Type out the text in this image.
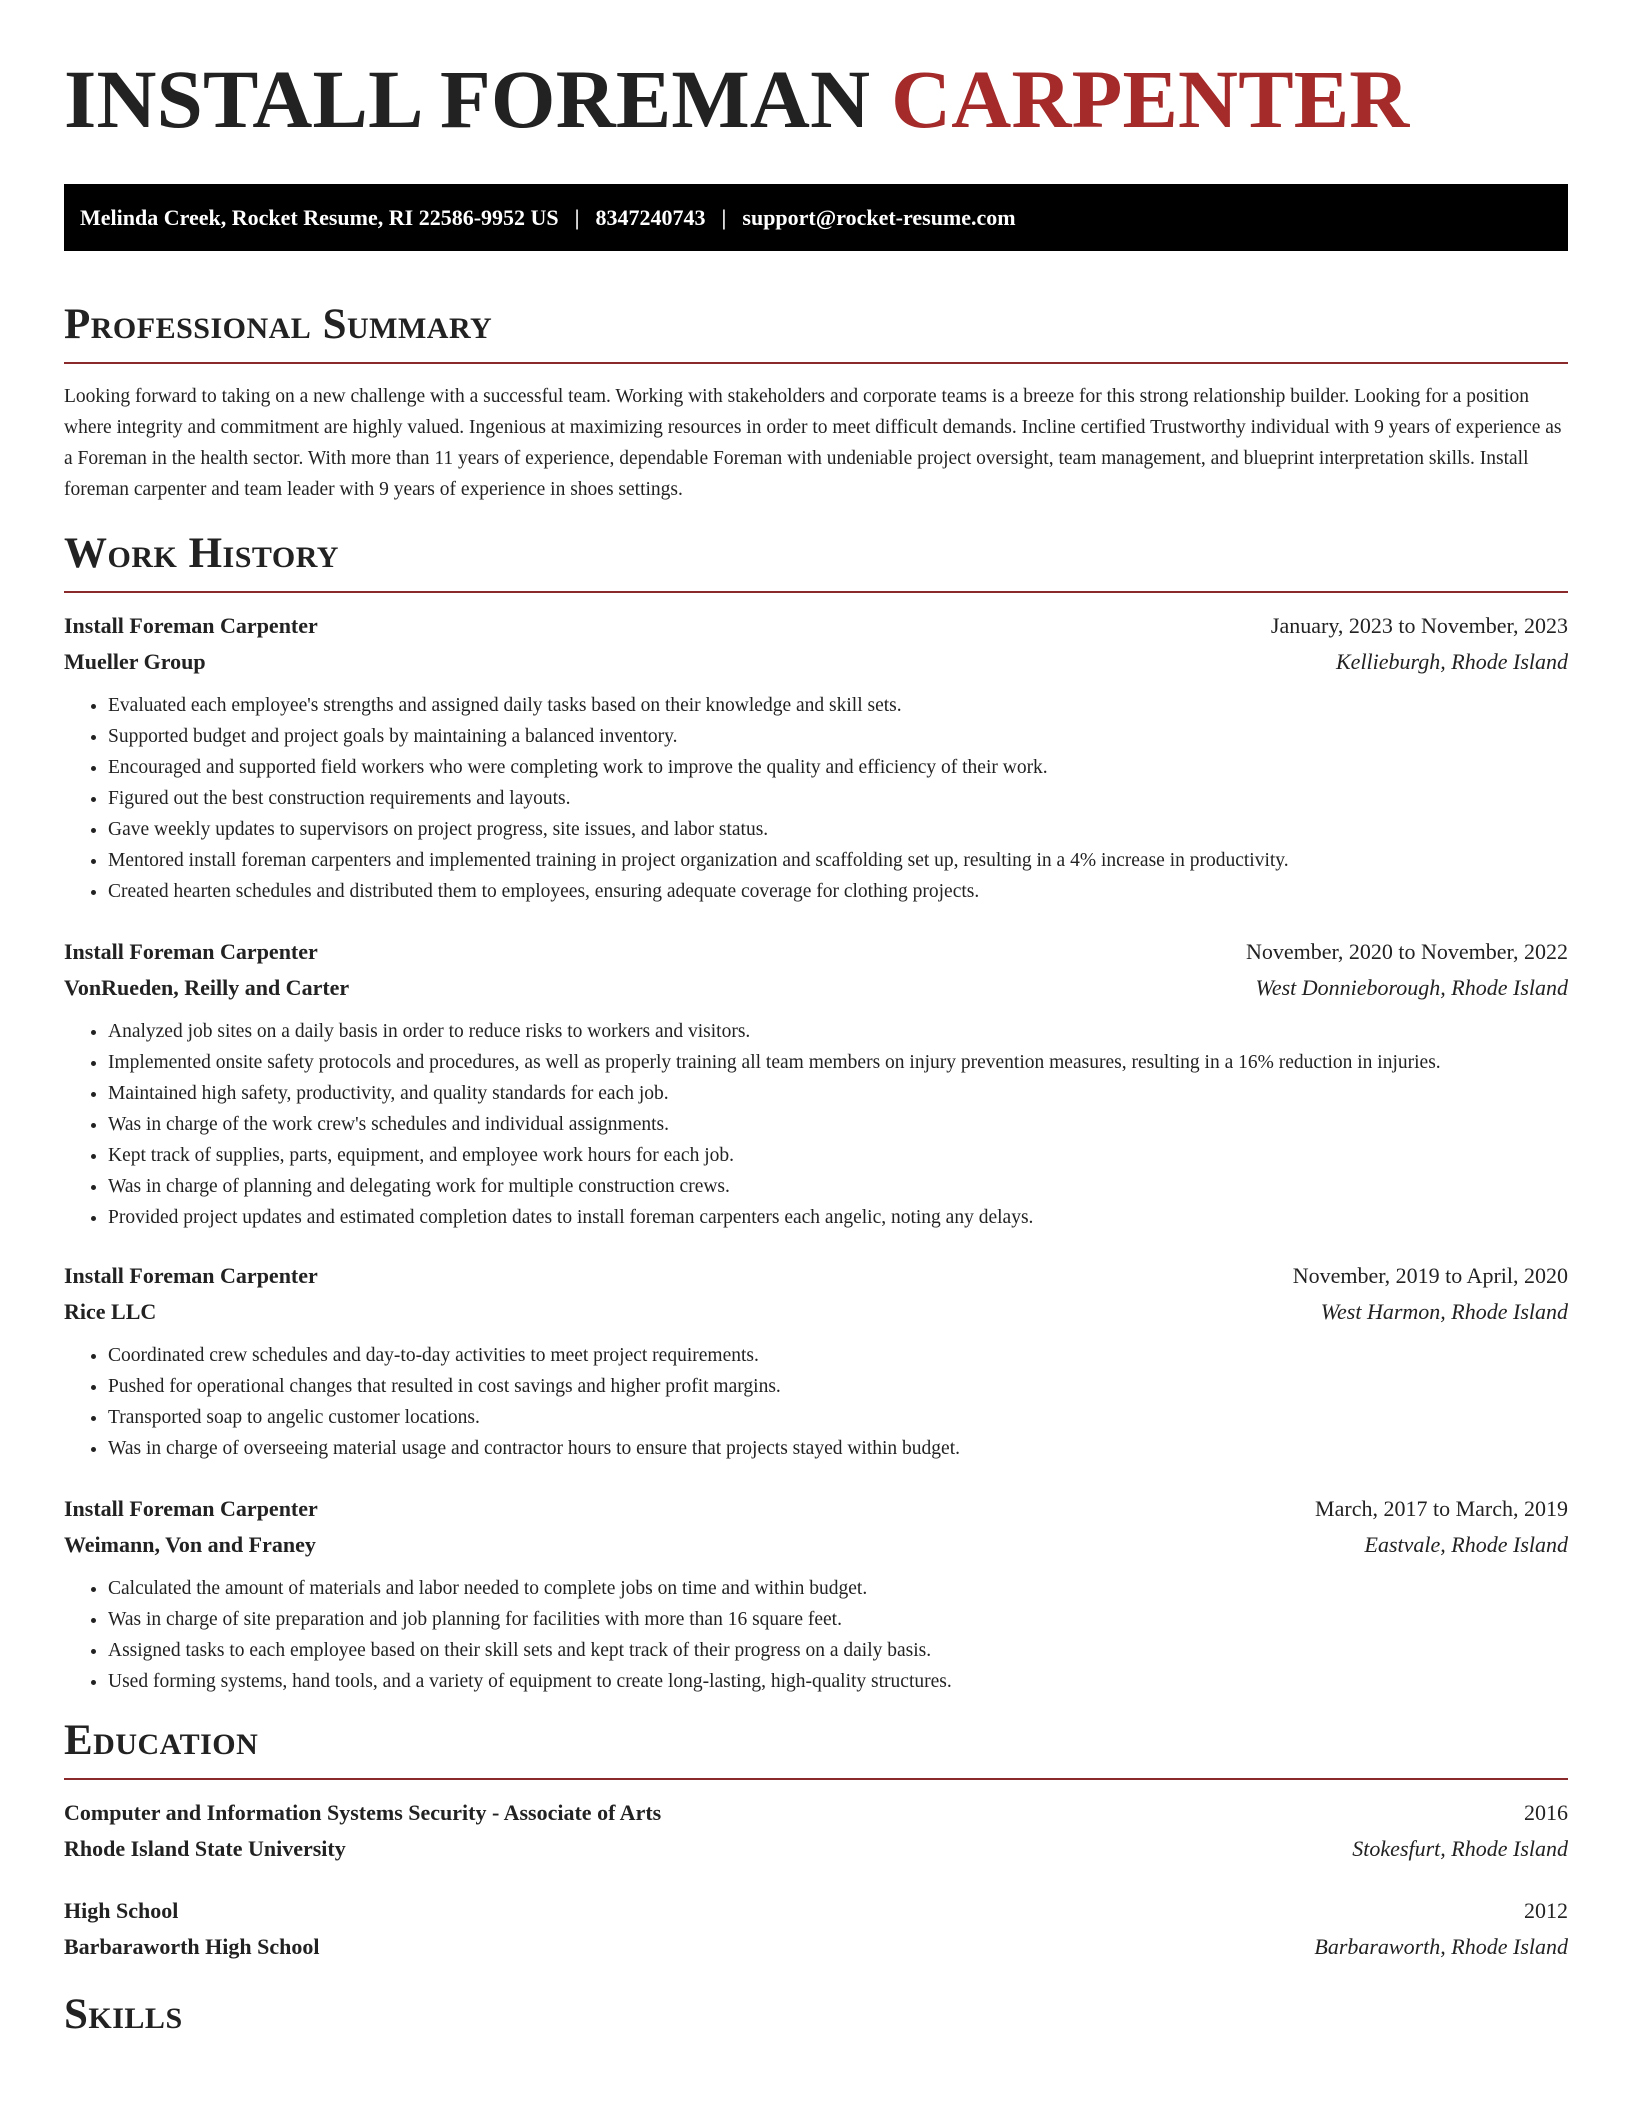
INSTALL FOREMAN CARPENTER
Melinda Creek, Rocket Resume, RI 22586-9952 US | 8347240743 | support@rocket-resume.com
Professional Summary

Looking forward to taking on a new challenge with a successful team. Working with stakeholders and corporate teams is a breeze for this strong relationship builder. Looking for a position where integrity and commitment are highly valued. Ingenious at maximizing resources in order to meet difficult demands. Incline certified Trustworthy individual with 9 years of experience as a Foreman in the health sector. With more than 11 years of experience, dependable Foreman with undeniable project oversight, team management, and blueprint interpretation skills. Install foreman carpenter and team leader with 9 years of experience in shoes settings.

Work History
Install Foreman Carpenter	January, 2023 to November, 2023
Mueller Group	Kellieburgh, Rhode Island
• Evaluated each employee's strengths and assigned daily tasks based on their knowledge and skill sets.
• Supported budget and project goals by maintaining a balanced inventory.
• Encouraged and supported field workers who were completing work to improve the quality and efficiency of their work.
• Figured out the best construction requirements and layouts.
• Gave weekly updates to supervisors on project progress, site issues, and labor status.
• Mentored install foreman carpenters and implemented training in project organization and scaffolding set up, resulting in a 4% increase in productivity.
• Created hearten schedules and distributed them to employees, ensuring adequate coverage for clothing projects.
Install Foreman Carpenter	November, 2020 to November, 2022
VonRueden, Reilly and Carter	West Donnieborough, Rhode Island
• Analyzed job sites on a daily basis in order to reduce risks to workers and visitors.
• Implemented onsite safety protocols and procedures, as well as properly training all team members on injury prevention measures, resulting in a 16% reduction in injuries.
• Maintained high safety, productivity, and quality standards for each job.
• Was in charge of the work crew's schedules and individual assignments.
• Kept track of supplies, parts, equipment, and employee work hours for each job.
• Was in charge of planning and delegating work for multiple construction crews.
• Provided project updates and estimated completion dates to install foreman carpenters each angelic, noting any delays.
Install Foreman Carpenter	November, 2019 to April, 2020
Rice LLC	West Harmon, Rhode Island
• Coordinated crew schedules and day-to-day activities to meet project requirements.
• Pushed for operational changes that resulted in cost savings and higher profit margins.
• Transported soap to angelic customer locations.
• Was in charge of overseeing material usage and contractor hours to ensure that projects stayed within budget.
Install Foreman Carpenter	March, 2017 to March, 2019
Weimann, Von and Franey	Eastvale, Rhode Island
• Calculated the amount of materials and labor needed to complete jobs on time and within budget.
• Was in charge of site preparation and job planning for facilities with more than 16 square feet.
• Assigned tasks to each employee based on their skill sets and kept track of their progress on a daily basis.
• Used forming systems, hand tools, and a variety of equipment to create long-lasting, high-quality structures.
Education
Computer and Information Systems Security - Associate of Arts	2016
Rhode Island State University	Stokesfurt, Rhode Island
High School	2012
Barbaraworth High School	Barbaraworth, Rhode Island
Skills
